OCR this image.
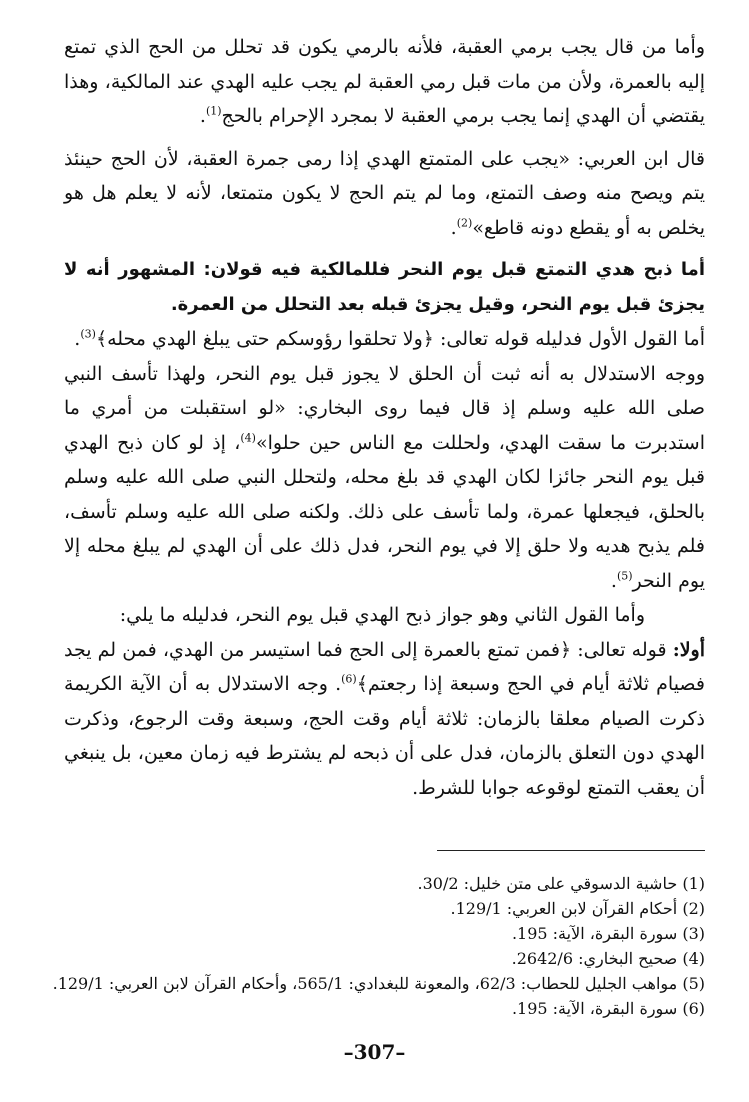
وأما من قال يجب برمي العقبة، فلأنه بالرمي يكون قد تحلل من الحج الذي تمتع إليه بالعمرة، ولأن من مات قبل رمي العقبة لم يجب عليه الهدي عند المالكية، وهذا يقتضي أن الهدي إنما يجب برمي العقبة لا بمجرد الإحرام بالحج$^{(1)}$.

قال ابن العربي: «يجب على المتمتع الهدي إذا رمى جمرة العقبة، لأن الحج حينئذ يتم ويصح منه وصف التمتع، وما لم يتم الحج لا يكون متمتعا، لأنه لا يعلم هل هو يخلص به أو يقطع دونه قاطع»$^{(2)}$.

أما ذبح هدي التمتع قبل يوم النحر فللمالكية فيه قولان: المشهور أنه لا يجزئ قبل يوم النحر، وقيل يجزئ قبله بعد التحلل من العمرة.

أما القول الأول فدليله قوله تعالى: ﴿ولا تحلقوا رؤوسكم حتى يبلغ الهدي محله﴾$^{(3)}$.

ووجه الاستدلال به أنه ثبت أن الحلق لا يجوز قبل يوم النحر، ولهذا تأسف النبي صلى الله عليه وسلم إذ قال فيما روى البخاري: «لو استقبلت من أمري ما استدبرت ما سقت الهدي، ولحللت مع الناس حين حلوا»$^{(4)}$، إذ لو كان ذبح الهدي قبل يوم النحر جائزا لكان الهدي قد بلغ محله، ولتحلل النبي صلى الله عليه وسلم بالحلق، فيجعلها عمرة، ولما تأسف على ذلك. ولكنه صلى الله عليه وسلم تأسف، فلم يذبح هديه ولا حلق إلا في يوم النحر، فدل ذلك على أن الهدي لم يبلغ محله إلا يوم النحر$^{(5)}$.

وأما القول الثاني وهو جواز ذبح الهدي قبل يوم النحر، فدليله ما يلي:

أولا: قوله تعالى: ﴿فمن تمتع بالعمرة إلى الحج فما استيسر من الهدي، فمن لم يجد فصيام ثلاثة أيام في الحج وسبعة إذا رجعتم﴾$^{(6)}$. وجه الاستدلال به أن الآية الكريمة ذكرت الصيام معلقا بالزمان: ثلاثة أيام وقت الحج، وسبعة وقت الرجوع، وذكرت الهدي دون التعلق بالزمان، فدل على أن ذبحه لم يشترط فيه زمان معين، بل ينبغي أن يعقب التمتع لوقوعه جوابا للشرط.

(1) حاشية الدسوقي على متن خليل: 30/2.
(2) أحكام القرآن لابن العربي: 129/1.
(3) سورة البقرة، الآية: 195.
(4) صحيح البخاري: 2642/6.
(5) مواهب الجليل للحطاب: 62/3، والمعونة للبغدادي: 565/1، وأحكام القرآن لابن العربي: 129/1.
(6) سورة البقرة، الآية: 195.
–307–
